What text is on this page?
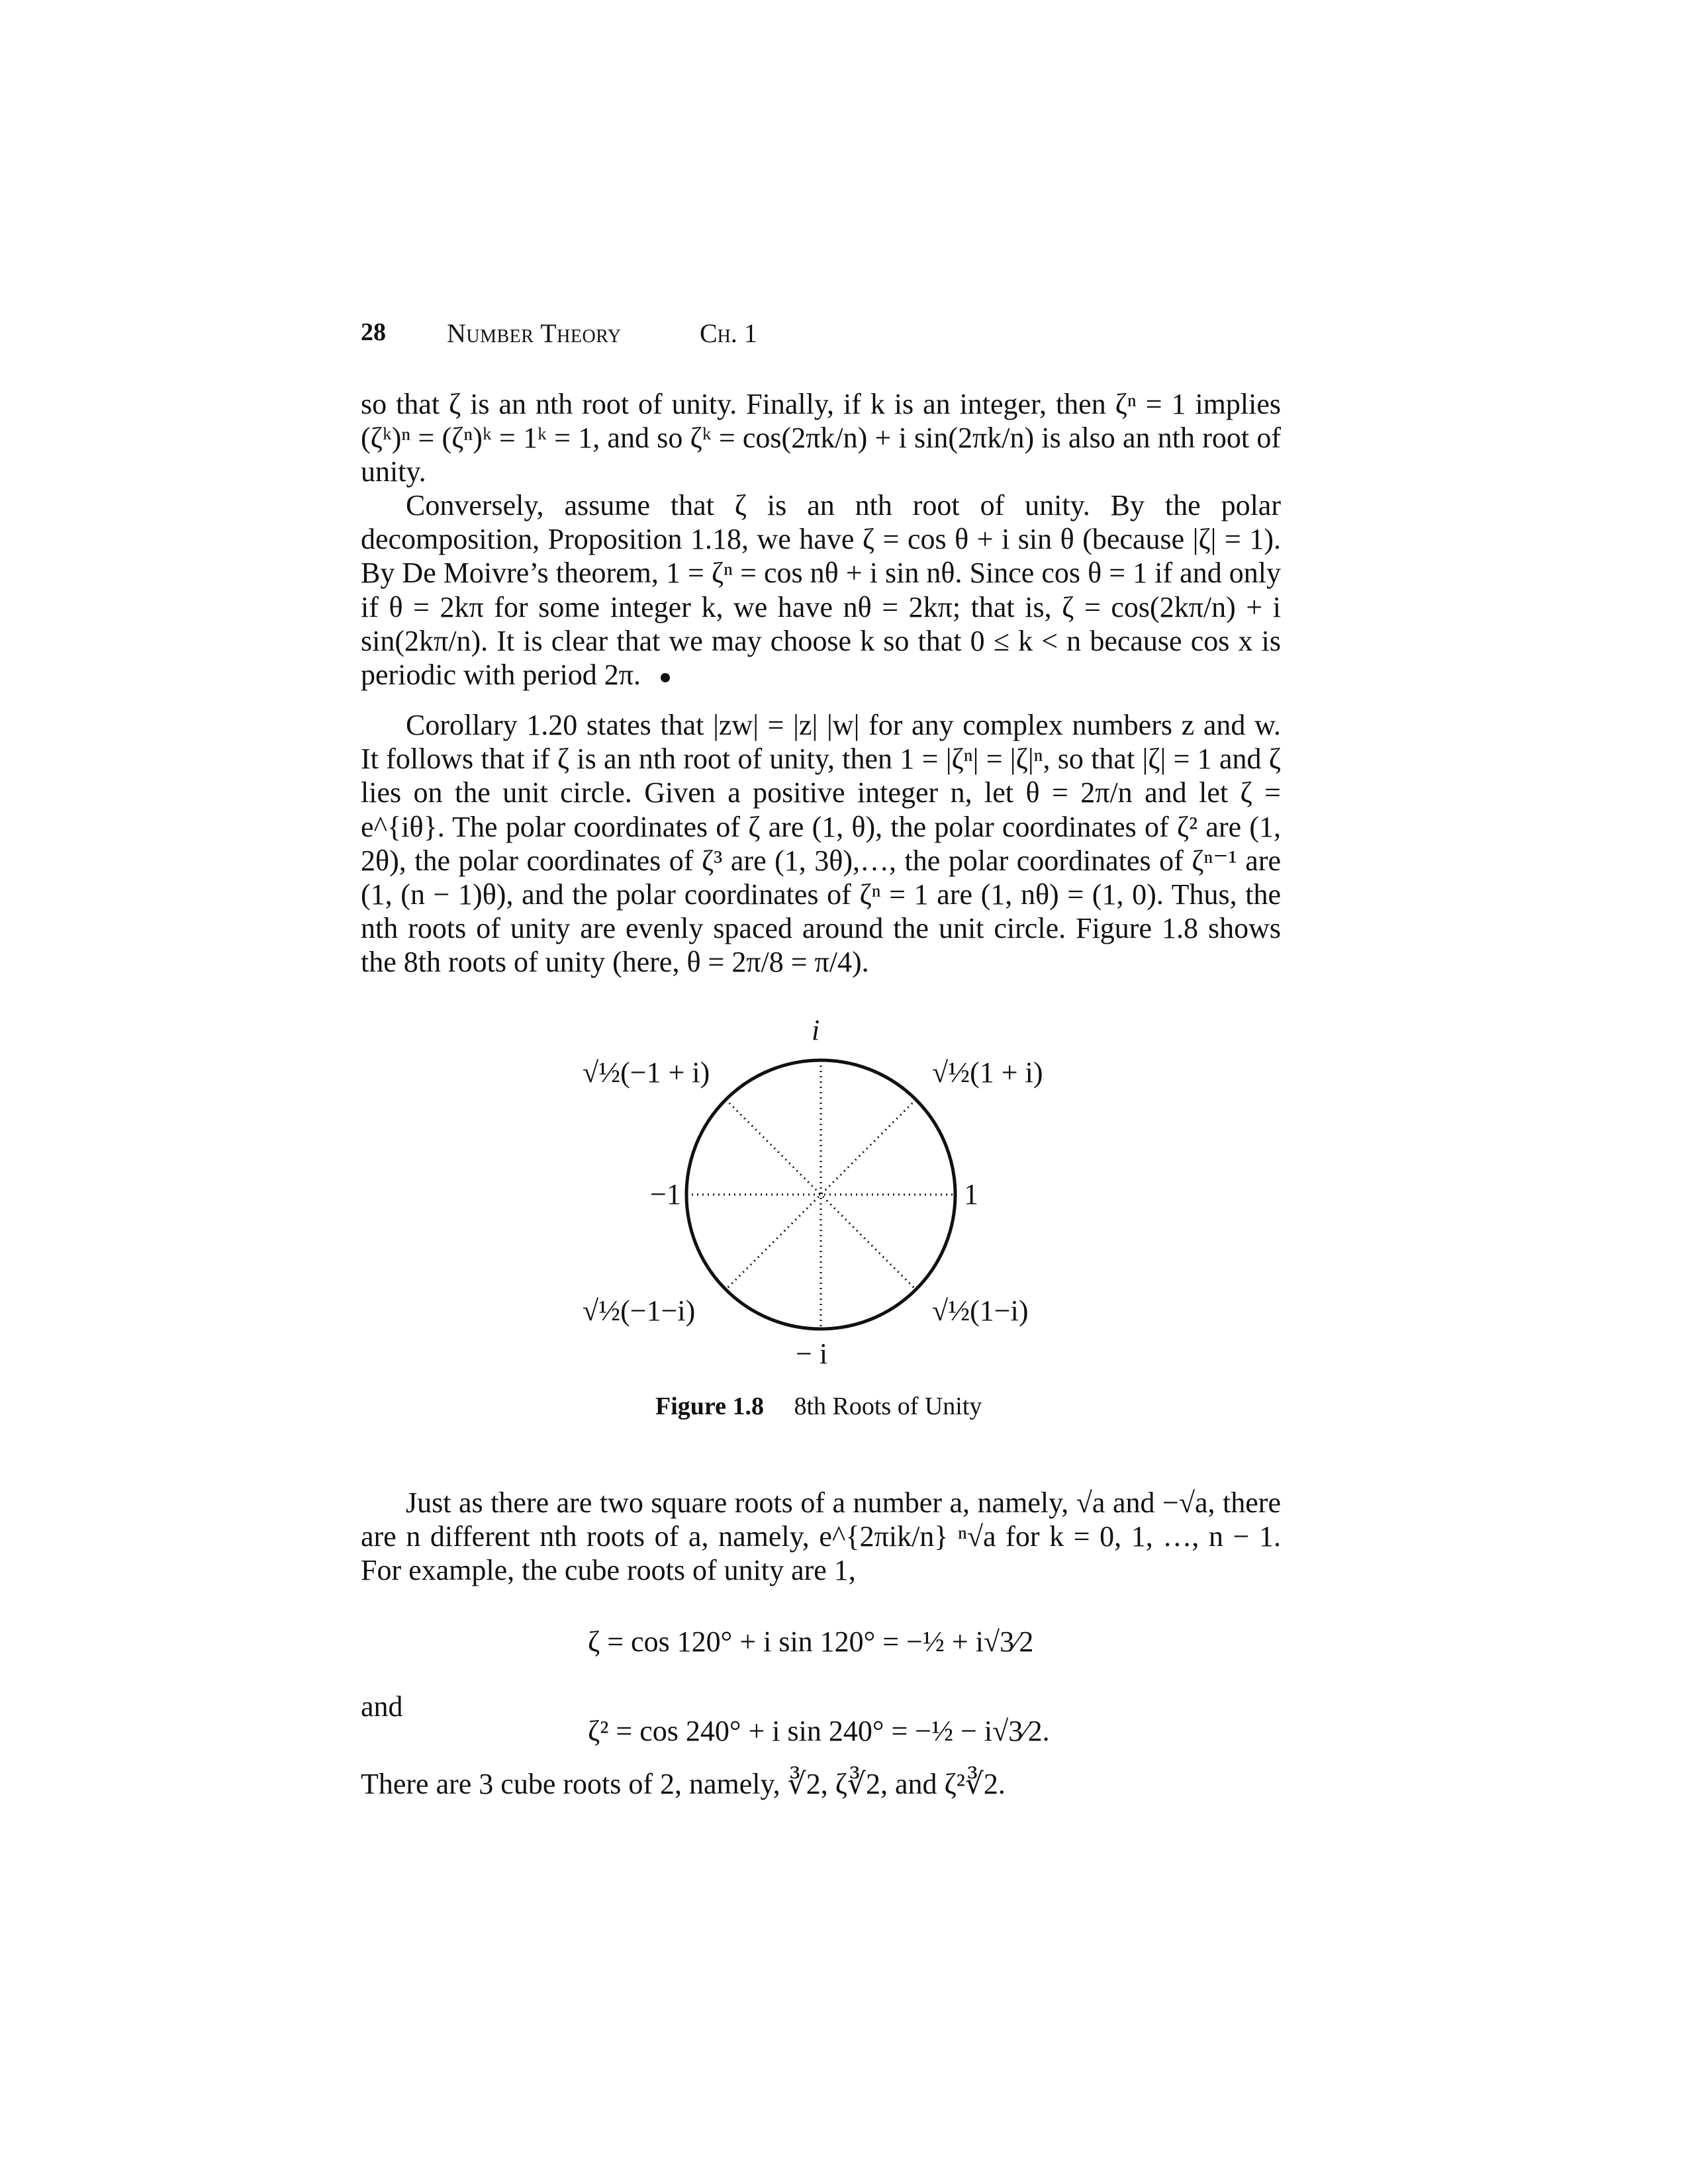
28 Number Theory	Ch. 1

so that ζ is an nth root of unity. Finally, if k is an integer, then ζⁿ = 1 implies (ζᵏ)ⁿ = (ζⁿ)ᵏ = 1ᵏ = 1, and so ζᵏ = cos(2πk/n) + i sin(2πk/n) is also an nth root of unity.

Conversely, assume that ζ is an nth root of unity. By the polar decomposition, Proposition 1.18, we have ζ = cos θ + i sin θ (because |ζ| = 1). By De Moivre’s theorem, 1 = ζⁿ = cos nθ + i sin nθ. Since cos θ = 1 if and only if θ = 2kπ for some integer k, we have nθ = 2kπ; that is, ζ = cos(2kπ/n) + i sin(2kπ/n). It is clear that we may choose k so that 0 ≤ k < n because cos x is periodic with period 2π.

Corollary 1.20 states that |zw| = |z| |w| for any complex numbers z and w. It follows that if ζ is an nth root of unity, then 1 = |ζⁿ| = |ζ|ⁿ, so that |ζ| = 1 and ζ lies on the unit circle. Given a positive integer n, let θ = 2π/n and let ζ = e^{iθ}. The polar coordinates of ζ are (1, θ), the polar coordinates of ζ² are (1, 2θ), the polar coordinates of ζ³ are (1, 3θ),…, the polar coordinates of ζⁿ⁻¹ are (1, (n − 1)θ), and the polar coordinates of ζⁿ = 1 are (1, nθ) = (1, 0). Thus, the nth roots of unity are evenly spaced around the unit circle. Figure 1.8 shows the 8th roots of unity (here, θ = 2π/8 = π/4).

i
− i
−1	1
√½(1 + i)
√½(−1 + i)
√½(−1−i)	√½(1−i)
Figure 1.8 8th Roots of Unity

Just as there are two square roots of a number a, namely, √a and −√a, there are n different nth roots of a, namely, e^{2πik/n} ⁿ√a for k = 0, 1, …, n − 1. For example, the cube roots of unity are 1,

ζ = cos 120° + i sin 120° = −½ + i√3⁄2
and
ζ² = cos 240° + i sin 240° = −½ − i√3⁄2.

There are 3 cube roots of 2, namely, ∛2, ζ∛2, and ζ²∛2.
